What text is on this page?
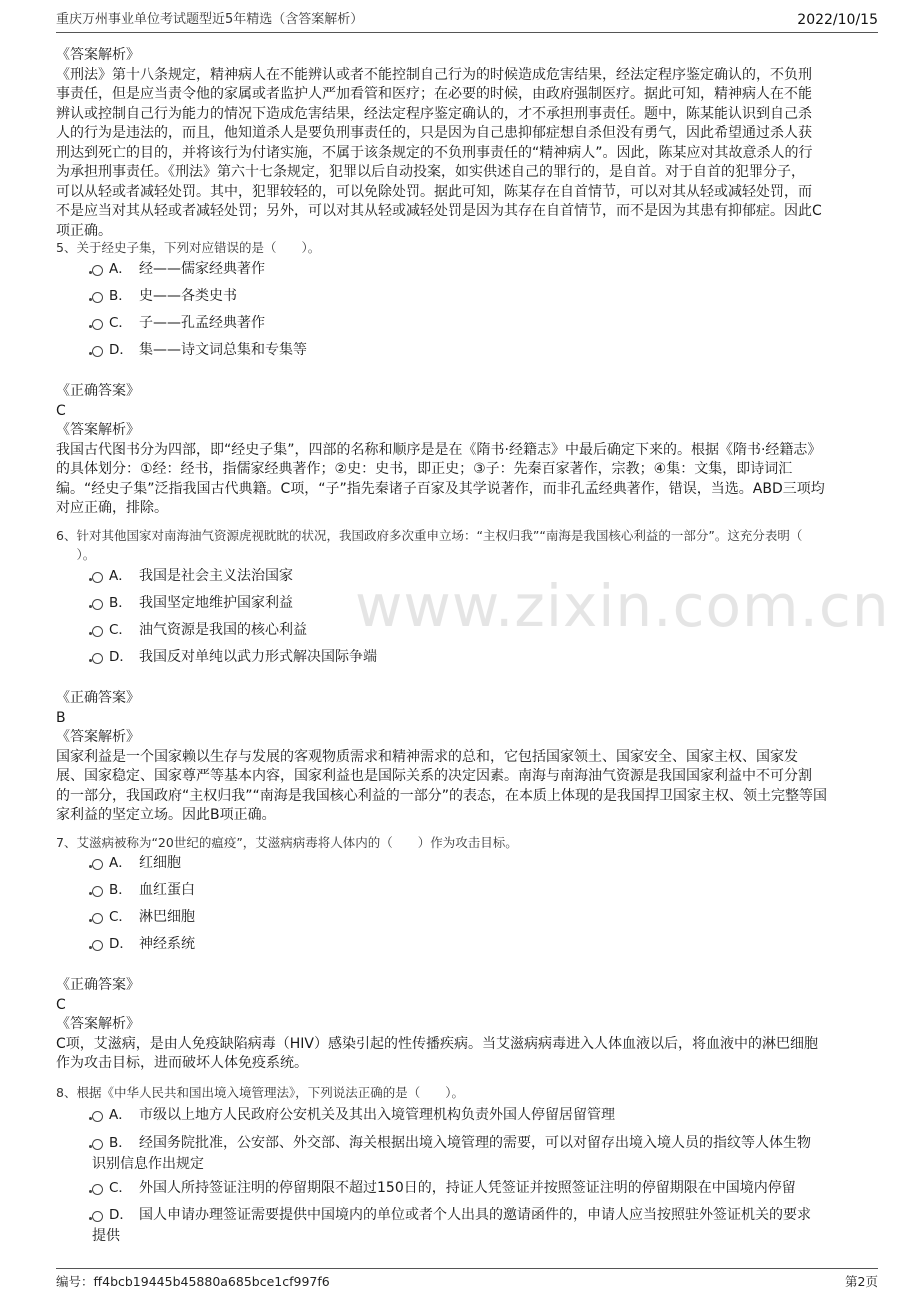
重庆万州事业单位考试题型近5年精选（含答案解析）	2022/10/15
www.zixin.com.cn

《答案解析》

《刑法》第十八条规定，精神病人在不能辨认或者不能控制自己行为的时候造成危害结果，经法定程序鉴定确认的，不负刑

事责任，但是应当责令他的家属或者监护人严加看管和医疗；在必要的时候，由政府强制医疗。据此可知，精神病人在不能

辨认或控制自己行为能力的情况下造成危害结果，经法定程序鉴定确认的，才不承担刑事责任。题中，陈某能认识到自己杀

人的行为是违法的，而且，他知道杀人是要负刑事责任的，只是因为自己患抑郁症想自杀但没有勇气，因此希望通过杀人获

刑达到死亡的目的，并将该行为付诸实施，不属于该条规定的不负刑事责任的“精神病人”。因此，陈某应对其故意杀人的行

为承担刑事责任。《刑法》第六十七条规定，犯罪以后自动投案，如实供述自己的罪行的，是自首。对于自首的犯罪分子，

可以从轻或者减轻处罚。其中，犯罪较轻的，可以免除处罚。据此可知，陈某存在自首情节，可以对其从轻或减轻处罚，而

不是应当对其从轻或者减轻处罚；另外，可以对其从轻或减轻处罚是因为其存在自首情节，而不是因为其患有抑郁症。因此C

项正确。

5、关于经史子集，下列对应错误的是（　　）。
A． 经——儒家经典著作
B． 史——各类史书
C． 子——孔孟经典著作
D． 集——诗文词总集和专集等

《正确答案》

C

《答案解析》

我国古代图书分为四部，即“经史子集”，四部的名称和顺序是是在《隋书·经籍志》中最后确定下来的。根据《隋书·经籍志》

的具体划分：①经：经书，指儒家经典著作；②史：史书，即正史；③子：先秦百家著作，宗教；④集：文集，即诗词汇

编。“经史子集”泛指我国古代典籍。C项，“子”指先秦诸子百家及其学说著作，而非孔孟经典著作，错误，当选。ABD三项均

对应正确，排除。

6、针对其他国家对南海油气资源虎视眈眈的状况，我国政府多次重申立场：“主权归我”“南海是我国核心利益的一部分”。这充分表明（
　）。
A． 我国是社会主义法治国家
B． 我国坚定地维护国家利益
C． 油气资源是我国的核心利益
D． 我国反对单纯以武力形式解决国际争端

《正确答案》

B

《答案解析》

国家利益是一个国家赖以生存与发展的客观物质需求和精神需求的总和，它包括国家领土、国家安全、国家主权、国家发

展、国家稳定、国家尊严等基本内容，国家利益也是国际关系的决定因素。南海与南海油气资源是我国国家利益中不可分割

的一部分，我国政府“主权归我”“南海是我国核心利益的一部分”的表态，在本质上体现的是我国捍卫国家主权、领土完整等国

家利益的坚定立场。因此B项正确。

7、艾滋病被称为“20世纪的瘟疫”，艾滋病病毒将人体内的（　　）作为攻击目标。
A． 红细胞
B． 血红蛋白
C． 淋巴细胞
D． 神经系统

《正确答案》

C

《答案解析》

C项，艾滋病，是由人免疫缺陷病毒（HIV）感染引起的性传播疾病。当艾滋病病毒进入人体血液以后，将血液中的淋巴细胞

作为攻击目标，进而破坏人体免疫系统。

8、根据《中华人民共和国出境入境管理法》，下列说法正确的是（　　）。
A． 市级以上地方人民政府公安机关及其出入境管理机构负责外国人停留居留管理
B． 经国务院批准，公安部、外交部、海关根据出境入境管理的需要，可以对留存出境入境人员的指纹等人体生物
识别信息作出规定
C． 外国人所持签证注明的停留期限不超过150日的，持证人凭签证并按照签证注明的停留期限在中国境内停留
D． 国人申请办理签证需要提供中国境内的单位或者个人出具的邀请函件的，申请人应当按照驻外签证机关的要求
提供
编号：ff4bcb19445b45880a685bce1cf997f6	第2页
